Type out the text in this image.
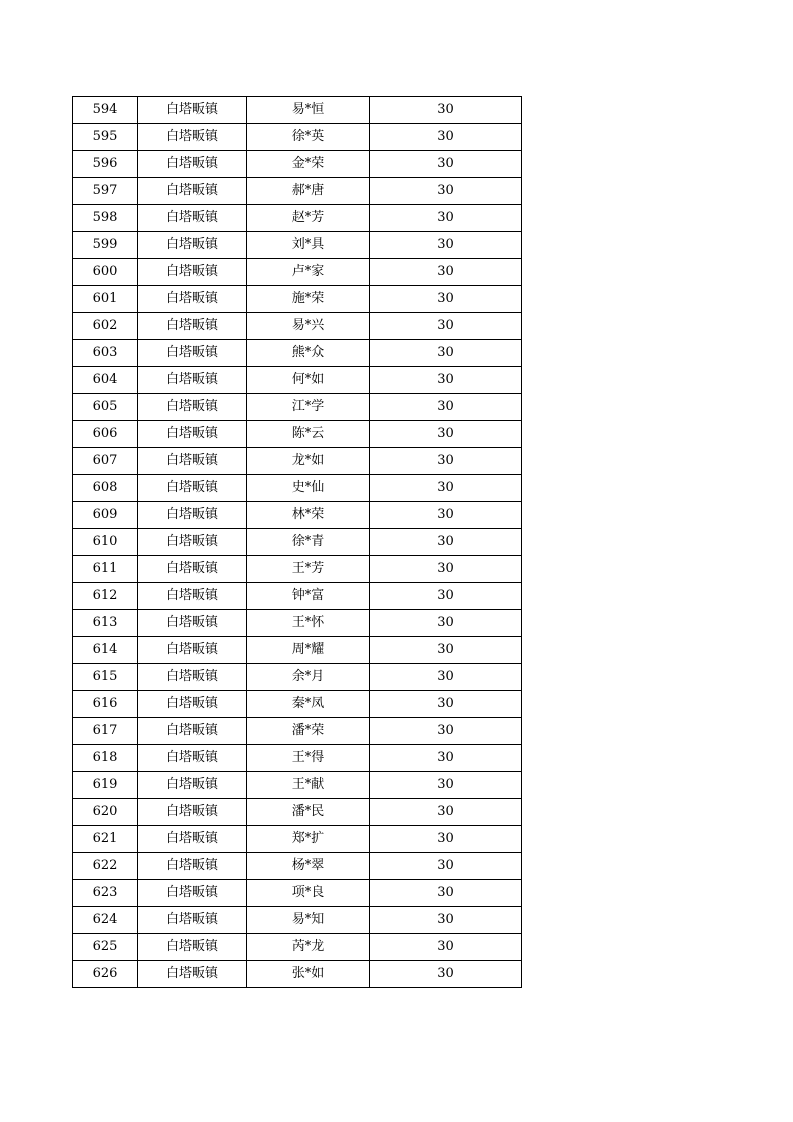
594	白塔畈镇	易*恒	30
595	白塔畈镇	徐*英	30
596	白塔畈镇	金*荣	30
597	白塔畈镇	郝*唐	30
598	白塔畈镇	赵*芳	30
599	白塔畈镇	刘*具	30
600	白塔畈镇	卢*家	30
601	白塔畈镇	施*荣	30
602	白塔畈镇	易*兴	30
603	白塔畈镇	熊*众	30
604	白塔畈镇	何*如	30
605	白塔畈镇	江*学	30
606	白塔畈镇	陈*云	30
607	白塔畈镇	龙*如	30
608	白塔畈镇	史*仙	30
609	白塔畈镇	林*荣	30
610	白塔畈镇	徐*青	30
611	白塔畈镇	王*芳	30
612	白塔畈镇	钟*富	30
613	白塔畈镇	王*怀	30
614	白塔畈镇	周*耀	30
615	白塔畈镇	余*月	30
616	白塔畈镇	秦*凤	30
617	白塔畈镇	潘*荣	30
618	白塔畈镇	王*得	30
619	白塔畈镇	王*献	30
620	白塔畈镇	潘*民	30
621	白塔畈镇	郑*扩	30
622	白塔畈镇	杨*翠	30
623	白塔畈镇	项*良	30
624	白塔畈镇	易*知	30
625	白塔畈镇	芮*龙	30
626	白塔畈镇	张*如	30
